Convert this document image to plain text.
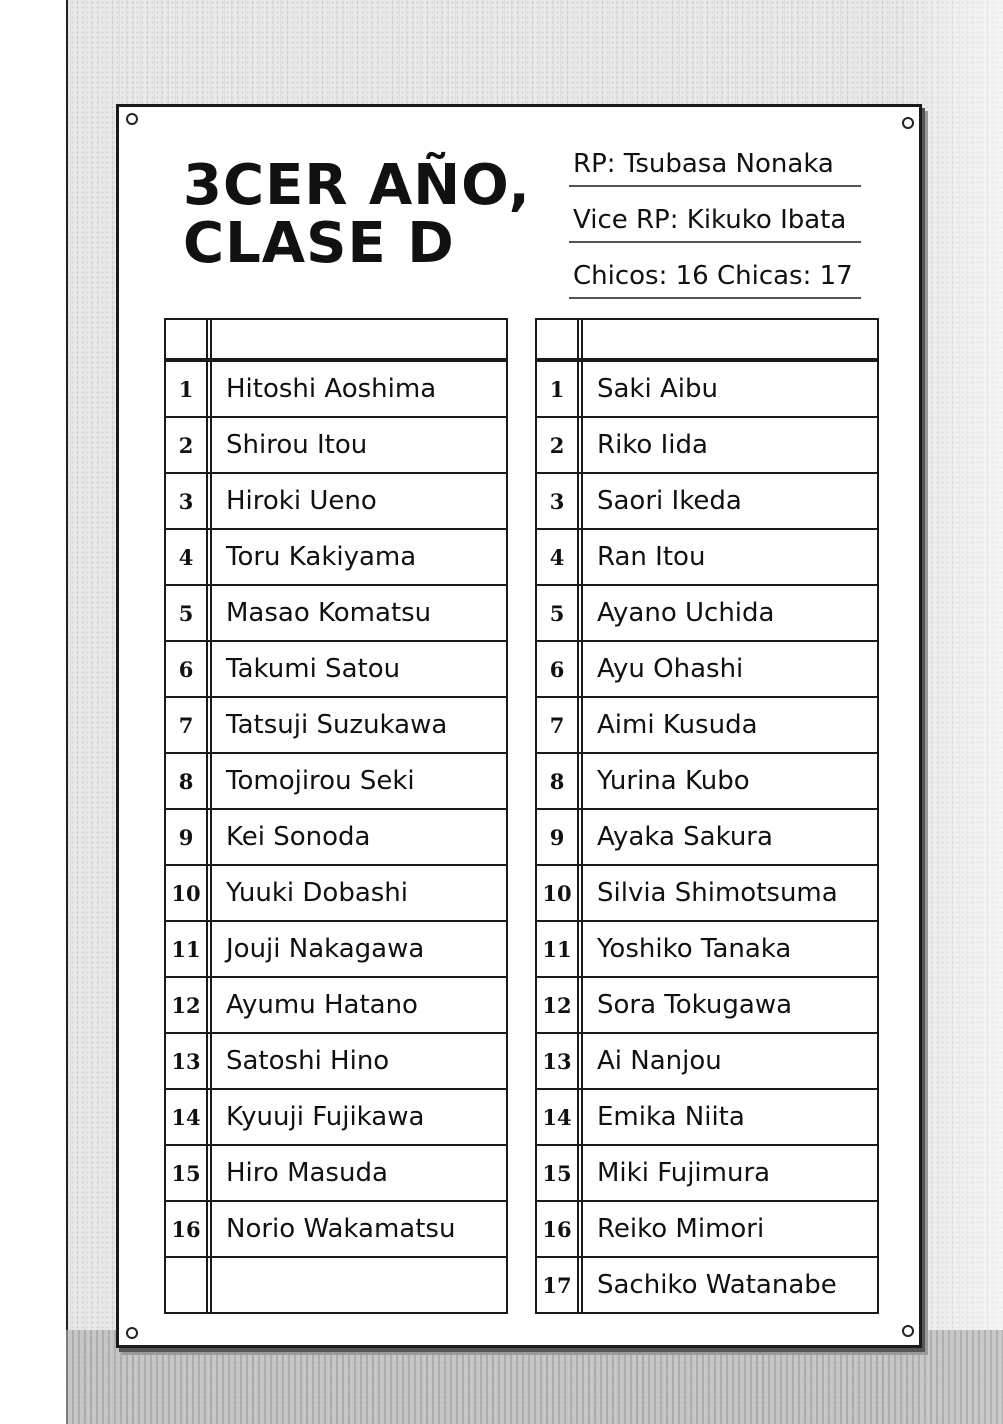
3CER AÑO,
CLASE D
RP: Tsubasa Nonaka
Vice RP: Kikuko Ibata
Chicos: 16 Chicas: 17
1	Hitoshi Aoshima
2	Shirou Itou
3	Hiroki Ueno
4	Toru Kakiyama
5	Masao Komatsu
6	Takumi Satou
7	Tatsuji Suzukawa
8	Tomojirou Seki
9	Kei Sonoda
10 Yuuki Dobashi
11 Jouji Nakagawa
12 Ayumu Hatano
13 Satoshi Hino
14 Kyuuji Fujikawa
15 Hiro Masuda
16 Norio Wakamatsu
1	Saki Aibu
2	Riko Iida
3	Saori Ikeda
4	Ran Itou
5	Ayano Uchida
6	Ayu Ohashi
7	Aimi Kusuda
8	Yurina Kubo
9	Ayaka Sakura
10 Silvia Shimotsuma
11 Yoshiko Tanaka
12 Sora Tokugawa
13 Ai Nanjou
14 Emika Niita
15 Miki Fujimura
16 Reiko Mimori
17 Sachiko Watanabe
